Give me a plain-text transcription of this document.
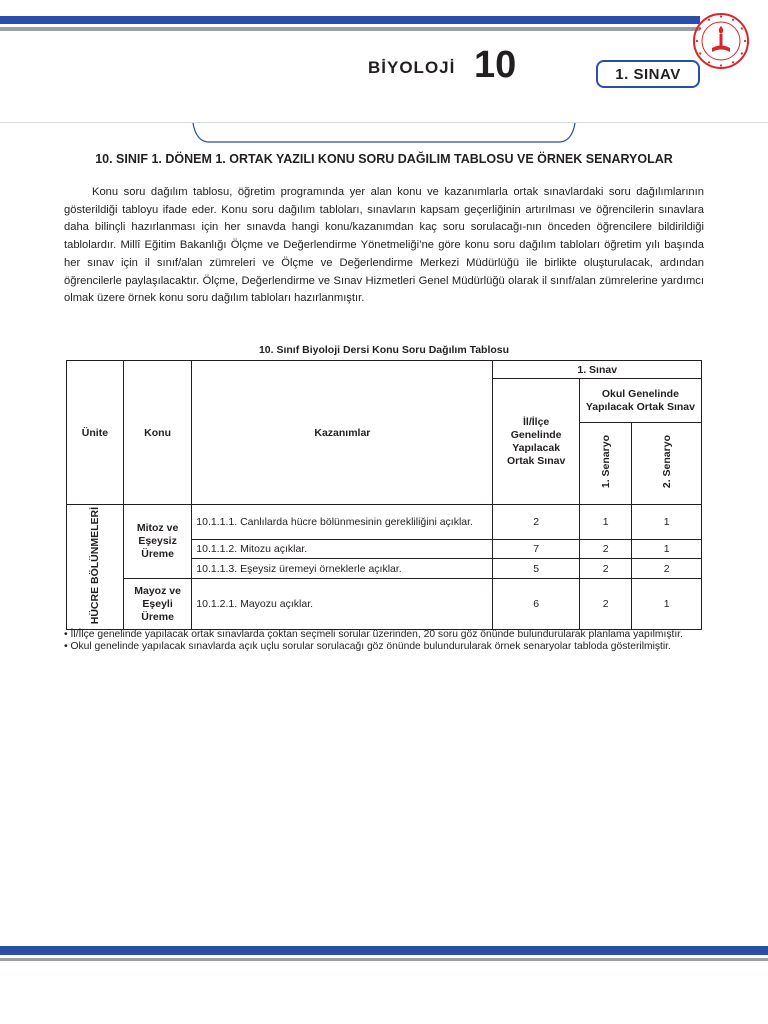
BİYOLOJİ 10	1. SINAV
10. SINIF 1. DÖNEM 1. ORTAK YAZILI KONU SORU DAĞILIM TABLOSU VE ÖRNEK SENARYOLAR

Konu soru dağılım tablosu, öğretim programında yer alan konu ve kazanımlarla ortak sınavlardaki soru dağılımlarının gösterildiği tabloyu ifade eder. Konu soru dağılım tabloları, sınavların kapsam geçerliğinin artırılması ve öğrencilerin sınavlara daha bilinçli hazırlanması için her sınavda hangi konu/kazanımdan kaç soru sorulacağı-nın önceden öğrencilere bildirildiği tablolardır. Millî Eğitim Bakanlığı Ölçme ve Değerlendirme Yönetmeliği’ne göre konu soru dağılım tabloları öğretim yılı başında her sınav için il sınıf/alan zümreleri ve Ölçme ve Değerlendirme Merkezi Müdürlüğü ile birlikte oluşturulacak, ardından öğrencilerle paylaşılacaktır. Ölçme, Değerlendirme ve Sınav Hizmetleri Genel Müdürlüğü olarak il sınıf/alan zümrelerine yardımcı olmak üzere örnek konu soru dağılım tabloları hazırlanmıştır.

10. Sınıf Biyoloji Dersi Konu Soru Dağılım Tablosu
Ünite	Konu	Kazanımlar	1. Sınav		
			İl/İlçe Genelinde Yapılacak Ortak Sınav	Okul Genelinde Yapılacak Ortak Sınav	
				1. Senaryo	2. Senaryo
HÜCRE BÖLÜNMELERİ	Mitoz ve Eşeysiz Üreme	10.1.1.1. Canlılarda hücre bölünmesinin gerekliliğini açıklar.	2	1	1
		10.1.1.2. Mitozu açıklar.	7	2	1
		10.1.1.3. Eşeysiz üremeyi örneklerle açıklar.	5	2	2
	Mayoz ve Eşeyli Üreme	10.1.2.1. Mayozu açıklar.	6	2	1

• İl/İlçe genelinde yapılacak ortak sınavlarda çoktan seçmeli sorular üzerinden, 20 soru göz önünde bulundurularak planlama yapılmıştır.

• Okul genelinde yapılacak sınavlarda açık uçlu sorular sorulacağı göz önünde bulundurularak örnek senaryolar tabloda gösterilmiştir.
